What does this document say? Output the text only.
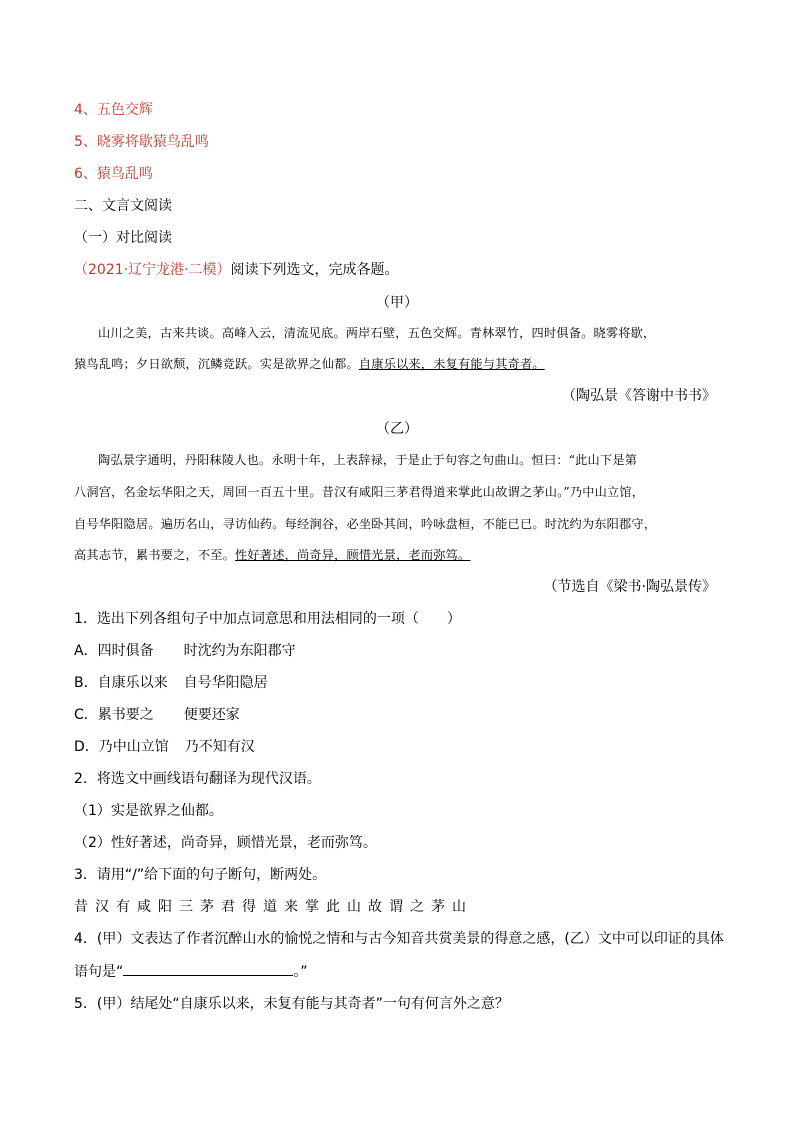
4、五色交辉
5、晓雾将歇猿鸟乱鸣
6、猿鸟乱鸣
二、文言文阅读
（一）对比阅读
（2021·辽宁龙港·二模）阅读下列选文，完成各题。
（甲）
山川之美，古来共谈。高峰入云，清流见底。两岸石壁，五色交辉。青林翠竹，四时俱备。晓雾将歇，
猿鸟乱鸣；夕日欲颓，沉鳞竞跃。实是欲界之仙都。自康乐以来，未复有能与其奇者。
（陶弘景《答谢中书书》
（乙）
陶弘景字通明，丹阳秣陵人也。永明十年，上表辞禄，于是止于句容之句曲山。恒曰：“此山下是第
八洞宫，名金坛华阳之天，周回一百五十里。昔汉有咸阳三茅君得道来掌此山故谓之茅山。”乃中山立馆，
自号华阳隐居。遍历名山，寻访仙药。每经涧谷，必坐卧其间，吟咏盘桓，不能已已。时沈约为东阳郡守，
高其志节，累书要之，不至。性好著述，尚奇异，顾惜光景，老而弥笃。
（节选自《梁书·陶弘景传》
1．选出下列各组句子中加点词意思和用法相同的一项（　　）
A．四时俱备 时沈约为东阳郡守
B．自康乐以来 自号华阳隐居
C．累书要之 便要还家
D．乃中山立馆 乃不知有汉
2．将选文中画线语句翻译为现代汉语。
（1）实是欲界之仙都。
（2）性好著述，尚奇异，顾惜光景，老而弥笃。
3．请用“/”给下面的句子断句，断两处。
昔汉有咸阳三茅君得道来掌此山故谓之茅山
4．(甲）文表达了作者沉醉山水的愉悦之情和与古今知音共赏美景的得意之感，(乙）文中可以印证的具体
语句是“	。”
5．(甲）结尾处“自康乐以来，未复有能与其奇者”一句有何言外之意？
